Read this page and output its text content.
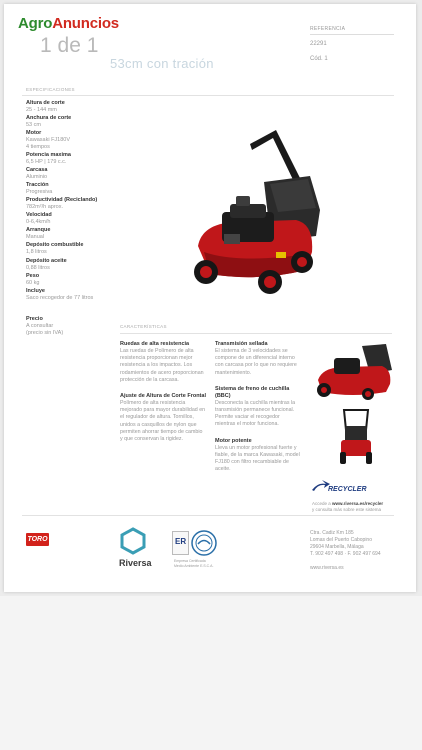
AgroAnuncios
1 de 1
53cm con tración
REFERENCIA
22291
Cód. 1
ESPECIFICACIONES
Altura de corte
25 - 144 mm
Anchura de corte
53 cm
Motor
Kawasaki FJ180V
4 tiempos
Potencia maxima
6,5 HP | 179 c.c.
Carcasa
Aluminio
Tracción
Progresiva
Productividad (Reciclando)
782m²/h aprox.
Velocidad
0-6,4km/h
Arranque
Manual
Depósito combustible
1,8 litros
Depósito aceite
0,88 litros
Peso
60 kg
Incluye
Saco recogedor de 77 litros
Precio
A consultar
(precio sin IVA)
CARACTERÍSTICAS
Ruedas de alta resistencia
Las ruedas de Polímero de alta resistencia proporcionan mejor resistencia a los impactos. Los rodamientos de acero proporcionan protección de la carcasa.
Ajuste de Altura de Corte Frontal
Polímero de alta resistencia mejorado para mayor durabilidad en el regulador de altura. Tornillos, unidos a casquillos de nylon que permiten ahorrar tiempo de cambio y que conservan la rigidez.
Transmisión sellada
El sistema de 3 velocidades se compone de un diferencial interno con carcasa por lo que no requiere mantenimiento.
Sistema de freno de cuchilla (BBC)
Desconecta la cuchilla mientras la transmisión permanece funcional. Permite vaciar el recogedor mientras el motor funciona.
Motor potente
Lleva un motor profesional fuerte y fiable, de la marca Kawasaki, model FJ180 con filtro recambiable de aceite.
RECYCLER
Accede a www.riversa.es/recycler
y consulta más sobre este sistema
TORO
Riversa
ER
Empresa Certificada
Medio Ambiente E.S.C.A.
Ctra. Cadiz Km 185
Lomas del Puerto Cabopino
29604 Marbella, Málaga
T. 902 497 498 · F. 902 497 694
www.riversa.es
